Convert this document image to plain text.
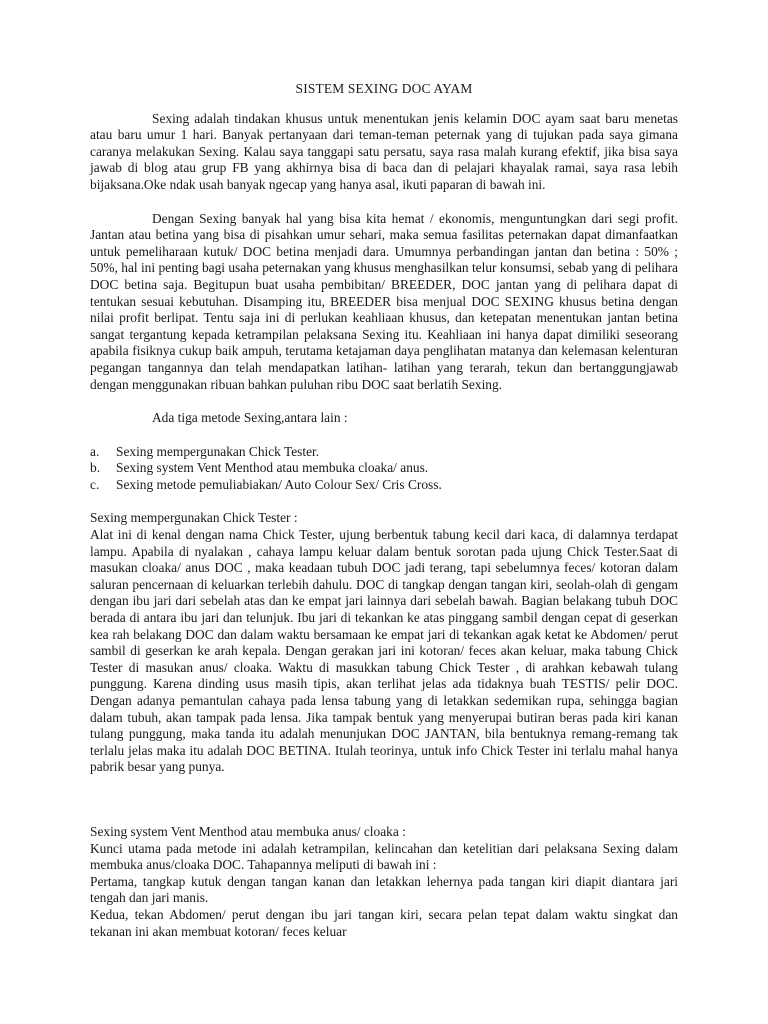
SISTEM SEXING DOC AYAM

Sexing adalah tindakan khusus untuk menentukan jenis kelamin DOC ayam saat baru menetas atau baru umur 1 hari. Banyak pertanyaan dari teman-teman peternak yang di tujukan pada saya gimana caranya melakukan Sexing. Kalau saya tanggapi satu persatu, saya rasa malah kurang efektif, jika bisa saya jawab di blog atau grup FB yang akhirnya bisa di baca dan di pelajari khayalak ramai, saya rasa lebih bijaksana.Oke ndak usah banyak ngecap yang hanya asal, ikuti paparan di bawah ini.

Dengan Sexing banyak hal yang bisa kita hemat / ekonomis, menguntungkan dari segi profit. Jantan atau betina yang bisa di pisahkan umur sehari, maka semua fasilitas peternakan dapat dimanfaatkan untuk pemeliharaan kutuk/ DOC betina menjadi dara. Umumnya perbandingan jantan dan betina : 50% ; 50%, hal ini penting bagi usaha peternakan yang khusus menghasilkan telur konsumsi, sebab yang di pelihara DOC betina saja. Begitupun buat usaha pembibitan/ BREEDER, DOC jantan yang di pelihara dapat di tentukan sesuai kebutuhan. Disamping itu, BREEDER bisa menjual DOC SEXING khusus betina dengan nilai profit berlipat. Tentu saja ini di perlukan keahliaan khusus, dan ketepatan menentukan jantan betina sangat tergantung kepada ketrampilan pelaksana Sexing itu. Keahliaan ini hanya dapat dimiliki seseorang apabila fisiknya cukup baik ampuh, terutama ketajaman daya penglihatan matanya dan kelemasan kelenturan pegangan tangannya dan telah mendapatkan latihan- latihan yang terarah, tekun dan bertanggungjawab dengan menggunakan ribuan bahkan puluhan ribu DOC saat berlatih Sexing.

Ada tiga metode Sexing,antara lain :

a.	Sexing mempergunakan Chick Tester.
b.	Sexing system Vent Menthod atau membuka cloaka/ anus.
c.	Sexing metode pemuliabiakan/ Auto Colour Sex/ Cris Cross.

Sexing mempergunakan Chick Tester :

Alat ini di kenal dengan nama Chick Tester, ujung berbentuk tabung kecil dari kaca, di dalamnya terdapat lampu. Apabila di nyalakan , cahaya lampu keluar dalam bentuk sorotan pada ujung Chick Tester.Saat di masukan cloaka/ anus DOC , maka keadaan tubuh DOC jadi terang, tapi sebelumnya feces/ kotoran dalam saluran pencernaan di keluarkan terlebih dahulu. DOC di tangkap dengan tangan kiri, seolah-olah di gengam dengan ibu jari dari sebelah atas dan ke empat jari lainnya dari sebelah bawah. Bagian belakang tubuh DOC berada di antara ibu jari dan telunjuk. Ibu jari di tekankan ke atas pinggang sambil dengan cepat di geserkan kea rah belakang DOC dan dalam waktu bersamaan ke empat jari di tekankan agak ketat ke Abdomen/ perut sambil di geserkan ke arah kepala. Dengan gerakan jari ini kotoran/ feces akan keluar, maka tabung Chick Tester di masukan anus/ cloaka. Waktu di masukkan tabung Chick Tester , di arahkan kebawah tulang punggung. Karena dinding usus masih tipis, akan terlihat jelas ada tidaknya buah TESTIS/ pelir DOC. Dengan adanya pemantulan cahaya pada lensa tabung yang di letakkan sedemikan rupa, sehingga bagian dalam tubuh, akan tampak pada lensa. Jika tampak bentuk yang menyerupai butiran beras pada kiri kanan tulang punggung, maka tanda itu adalah menunjukan DOC JANTAN, bila bentuknya remang-remang tak terlalu jelas maka itu adalah DOC BETINA. Itulah teorinya, untuk info Chick Tester ini terlalu mahal hanya pabrik besar yang punya.

Sexing system Vent Menthod atau membuka anus/ cloaka :

Kunci utama pada metode ini adalah ketrampilan, kelincahan dan ketelitian dari pelaksana Sexing dalam membuka anus/cloaka DOC. Tahapannya meliputi di bawah ini :

Pertama, tangkap kutuk dengan tangan kanan dan letakkan lehernya pada tangan kiri diapit diantara jari tengah dan jari manis.

Kedua, tekan Abdomen/ perut dengan ibu jari tangan kiri, secara pelan tepat dalam waktu singkat dan tekanan ini akan membuat kotoran/ feces keluar
